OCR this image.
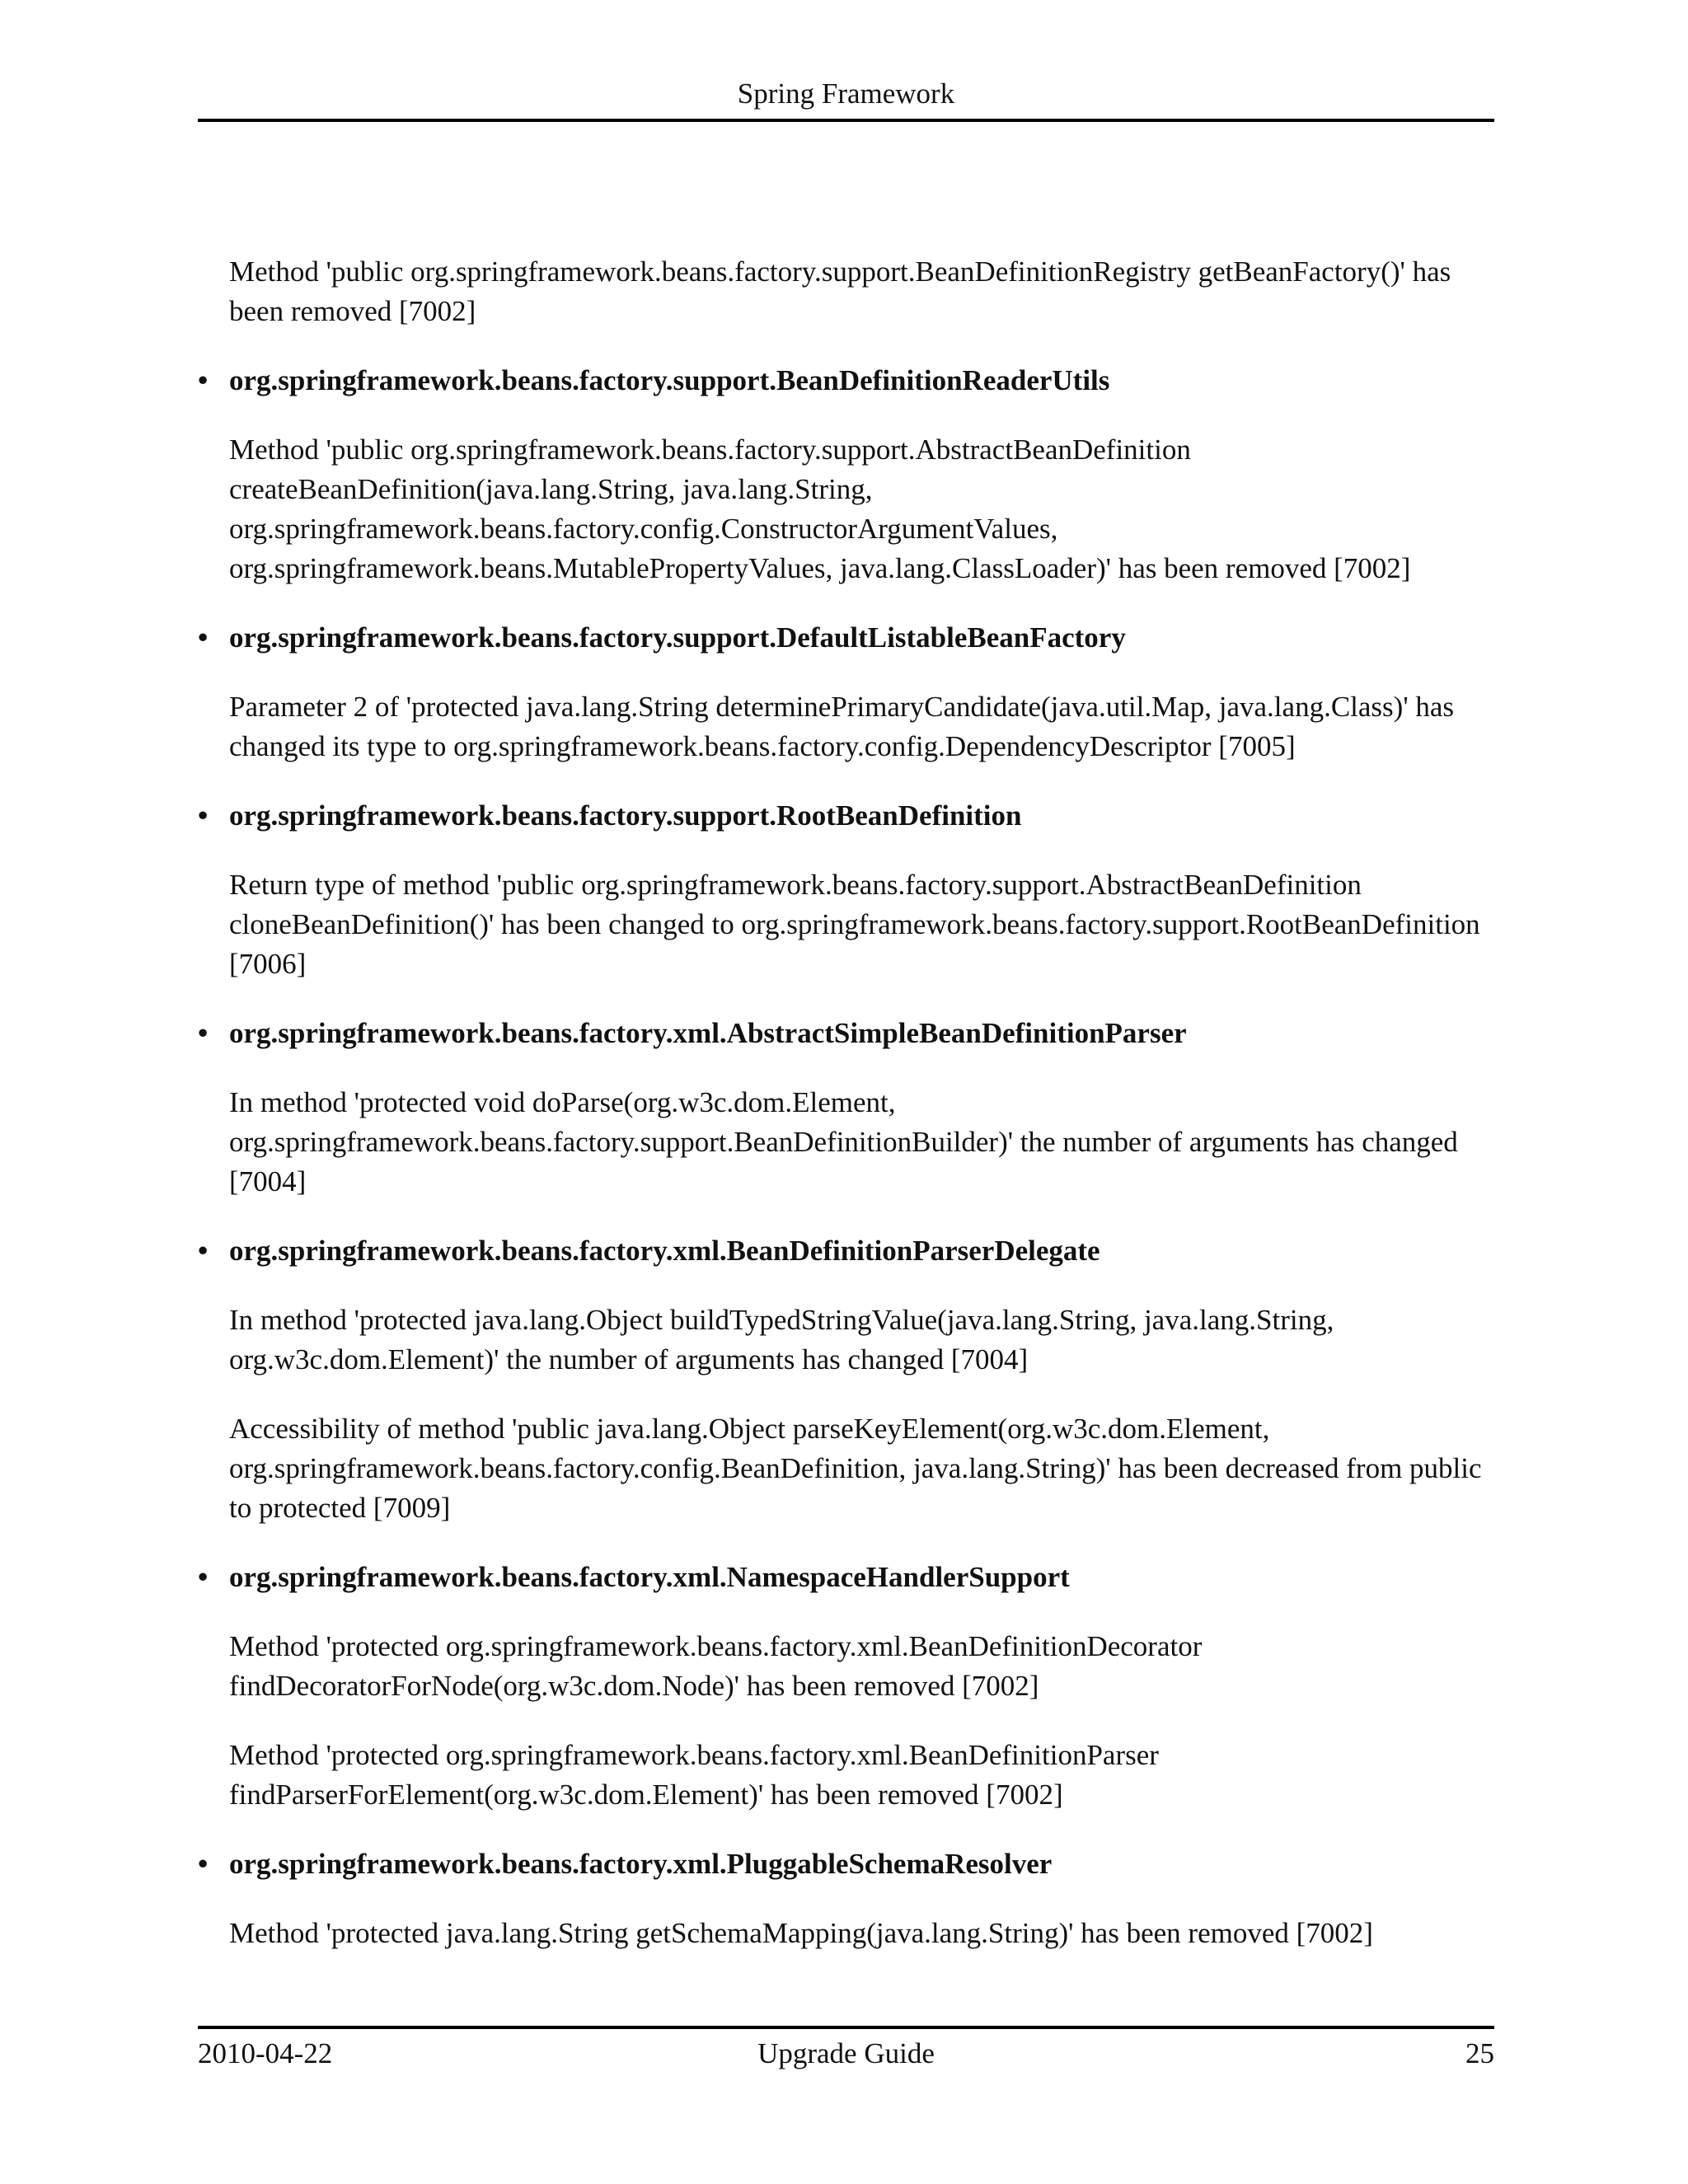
Spring Framework

Method 'public org.springframework.beans.factory.support.BeanDefinitionRegistry getBeanFactory()' has been removed [7002]

• org.springframework.beans.factory.support.BeanDefinitionReaderUtils

Method 'public org.springframework.beans.factory.support.AbstractBeanDefinition createBeanDefinition(java.lang.String, java.lang.String, org.springframework.beans.factory.config.ConstructorArgumentValues, org.springframework.beans.MutablePropertyValues, java.lang.ClassLoader)' has been removed [7002]

• org.springframework.beans.factory.support.DefaultListableBeanFactory

Parameter 2 of 'protected java.lang.String determinePrimaryCandidate(java.util.Map, java.lang.Class)' has changed its type to org.springframework.beans.factory.config.DependencyDescriptor [7005]

• org.springframework.beans.factory.support.RootBeanDefinition

Return type of method 'public org.springframework.beans.factory.support.AbstractBeanDefinition cloneBeanDefinition()' has been changed to org.springframework.beans.factory.support.RootBeanDefinition [7006]

• org.springframework.beans.factory.xml.AbstractSimpleBeanDefinitionParser

In method 'protected void doParse(org.w3c.dom.Element, org.springframework.beans.factory.support.BeanDefinitionBuilder)' the number of arguments has changed [7004]

• org.springframework.beans.factory.xml.BeanDefinitionParserDelegate

In method 'protected java.lang.Object buildTypedStringValue(java.lang.String, java.lang.String, org.w3c.dom.Element)' the number of arguments has changed [7004]

Accessibility of method 'public java.lang.Object parseKeyElement(org.w3c.dom.Element, org.springframework.beans.factory.config.BeanDefinition, java.lang.String)' has been decreased from public to protected [7009]

• org.springframework.beans.factory.xml.NamespaceHandlerSupport

Method 'protected org.springframework.beans.factory.xml.BeanDefinitionDecorator findDecoratorForNode(org.w3c.dom.Node)' has been removed [7002]

Method 'protected org.springframework.beans.factory.xml.BeanDefinitionParser findParserForElement(org.w3c.dom.Element)' has been removed [7002]

• org.springframework.beans.factory.xml.PluggableSchemaResolver

Method 'protected java.lang.String getSchemaMapping(java.lang.String)' has been removed [7002]

2010-04-22	Upgrade Guide	25
